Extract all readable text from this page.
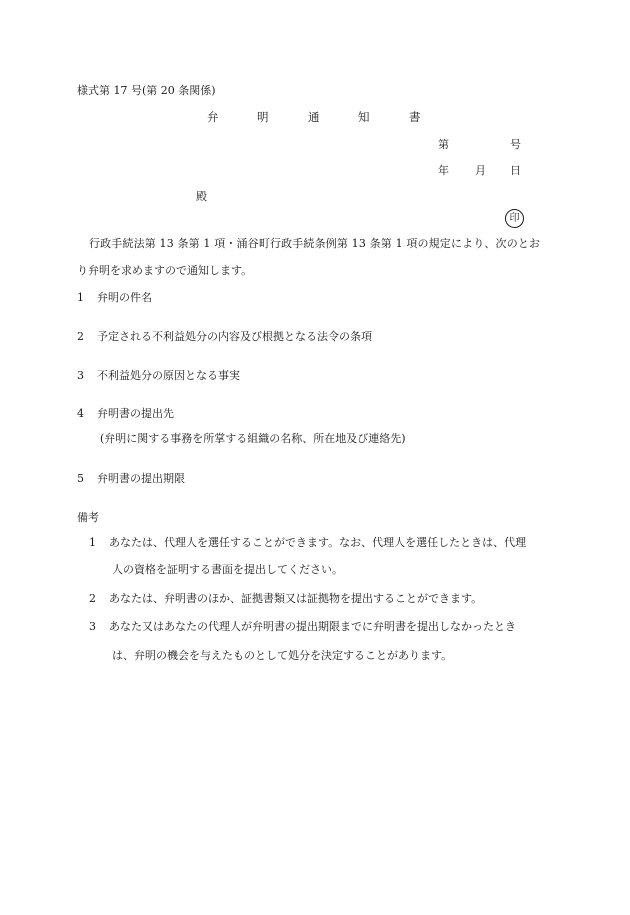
様式第 17 号(第 20 条関係)
弁	明	通	知	書
第	号
年 月 日
殿
印
行政手続法第 13 条第 1 項・涌谷町行政手続条例第 13 条第 1 項の規定により、次のとお
り弁明を求めますので通知します。
1 弁明の件名
2 予定される不利益処分の内容及び根拠となる法令の条項
3 不利益処分の原因となる事実
4 弁明書の提出先
(弁明に関する事務を所掌する組織の名称、所在地及び連絡先)
5 弁明書の提出期限
備考
1 あなたは、代理人を選任することができます。なお、代理人を選任したときは、代理
人の資格を証明する書面を提出してください。
2 あなたは、弁明書のほか、証拠書類又は証拠物を提出することができます。
3 あなた又はあなたの代理人が弁明書の提出期限までに弁明書を提出しなかったとき
は、弁明の機会を与えたものとして処分を決定することがあります。
